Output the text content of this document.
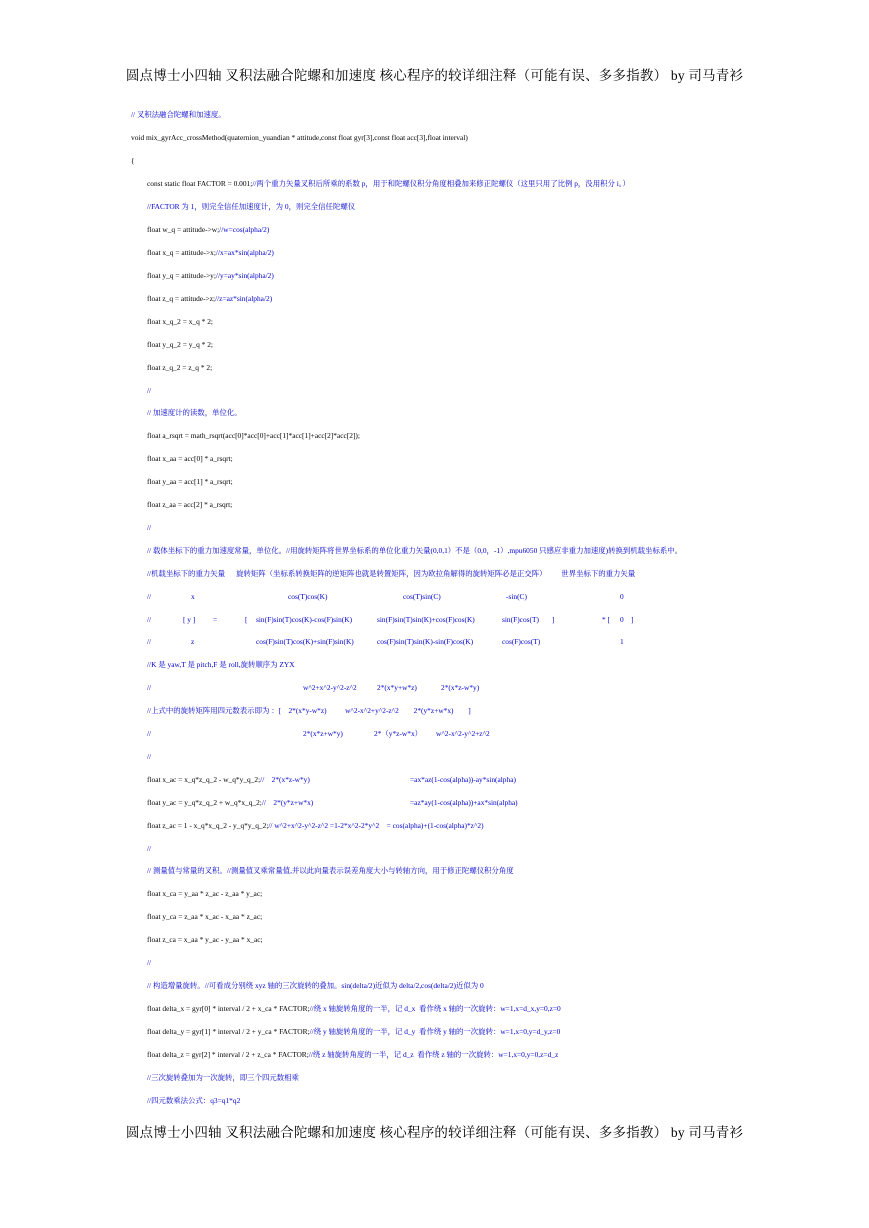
圆点博士小四轴 叉积法融合陀螺和加速度 核心程序的较详细注释（可能有误、多多指教） by 司马青衫
// 叉积法融合陀螺和加速度。
void mix_gyrAcc_crossMethod(quaternion_yuandian * attitude,const float gyr[3],const float acc[3],float interval)
{
const static float FACTOR = 0.001;//两个重力矢量叉积后所乘的系数 p，用于和陀螺仪积分角度相叠加来修正陀螺仪（这里只用了比例 p，没用积分 i。）
//FACTOR 为 1，则完全信任加速度计，为 0，则完全信任陀螺仪
float w_q = attitude->w;//w=cos(alpha/2)
float x_q = attitude->x;//x=ax*sin(alpha/2)
float y_q = attitude->y;//y=ay*sin(alpha/2)
float z_q = attitude->z;//z=az*sin(alpha/2)
float x_q_2 = x_q * 2;
float y_q_2 = y_q * 2;
float z_q_2 = z_q * 2;
//
// 加速度计的读数，单位化。
float a_rsqrt = math_rsqrt(acc[0]*acc[0]+acc[1]*acc[1]+acc[2]*acc[2]);
float x_aa = acc[0] * a_rsqrt;
float y_aa = acc[1] * a_rsqrt;
float z_aa = acc[2] * a_rsqrt;
//
// 载体坐标下的重力加速度常量，单位化。//用旋转矩阵将世界坐标系的单位化重力矢量(0,0,1）不是（0,0，-1）,mpu6050 只感应非重力加速度)转换到机载坐标系中。
//机载坐标下的重力矢量      旋转矩阵（坐标系转换矩阵的逆矩阵也就是转置矩阵，因为欧拉角解得的旋转矩阵必是正交阵）        世界坐标下的重力矢量
//	x	cos(T)cos(K)	cos(T)sin(C)	-sin(C)	0
//	[ y ] =	[ sin(F)sin(T)cos(K)-cos(F)sin(K)	sin(F)sin(T)sin(K)+cos(F)cos(K)	sin(F)cos(T) ]	* [ 0 ]
//	z	cos(F)sin(T)cos(K)+sin(F)sin(K)	cos(F)sin(T)sin(K)-sin(F)cos(K)	cos(F)cos(T)	1
//K 是 yaw,T 是 pitch,F 是 roll,旋转顺序为 ZYX
//	w^2+x^2-y^2-z^2	2*(x*y+w*z)	2*(x*z-w*y)
//上式中的旋转矩阵用四元数表示即为 ：[    2*(x*y-w*z)          w^2-x^2+y^2-z^2        2*(y*z+w*x)        ]
//	2*(x*z+w*y)	2*（y*z-w*x） w^2-x^2-y^2+z^2
//
float x_ac = x_q*z_q_2 - w_q*y_q_2;//    2*(x*z-w*y)	=ax*az(1-cos(alpha))-ay*sin(alpha)
float y_ac = y_q*z_q_2 + w_q*x_q_2;//    2*(y*z+w*x)	=az*ay(1-cos(alpha))+ax*sin(alpha)
float z_ac = 1 - x_q*x_q_2 - y_q*y_q_2;// w^2+x^2-y^2-z^2 =1-2*x^2-2*y^2    = cos(alpha)+(1-cos(alpha)*z^2)
//
// 测量值与常量的叉积。//测量值叉乘常量值,并以此向量表示误差角度大小与转轴方向，用于修正陀螺仪积分角度
float x_ca = y_aa * z_ac - z_aa * y_ac;
float y_ca = z_aa * x_ac - x_aa * z_ac;
float z_ca = x_aa * y_ac - y_aa * x_ac;
//
// 构造增量旋转。//可看成分别绕 xyz 轴的三次旋转的叠加。sin(delta/2)近似为 delta/2,cos(delta/2)近似为 0
float delta_x = gyr[0] * interval / 2 + x_ca * FACTOR;//绕 x 轴旋转角度的一半，记 d_x  看作绕 x 轴的一次旋转：w=1,x=d_x,y=0,z=0
float delta_y = gyr[1] * interval / 2 + y_ca * FACTOR;//绕 y 轴旋转角度的一半，记 d_y  看作绕 y 轴的一次旋转：w=1,x=0,y=d_y,z=0
float delta_z = gyr[2] * interval / 2 + z_ca * FACTOR;//绕 z 轴旋转角度的一半，记 d_z  看作绕 z 轴的一次旋转：w=1,x=0,y=0,z=d_z
//三次旋转叠加为一次旋转，即三个四元数相乘
//四元数乘法公式：q3=q1*q2
圆点博士小四轴 叉积法融合陀螺和加速度 核心程序的较详细注释（可能有误、多多指教） by 司马青衫
